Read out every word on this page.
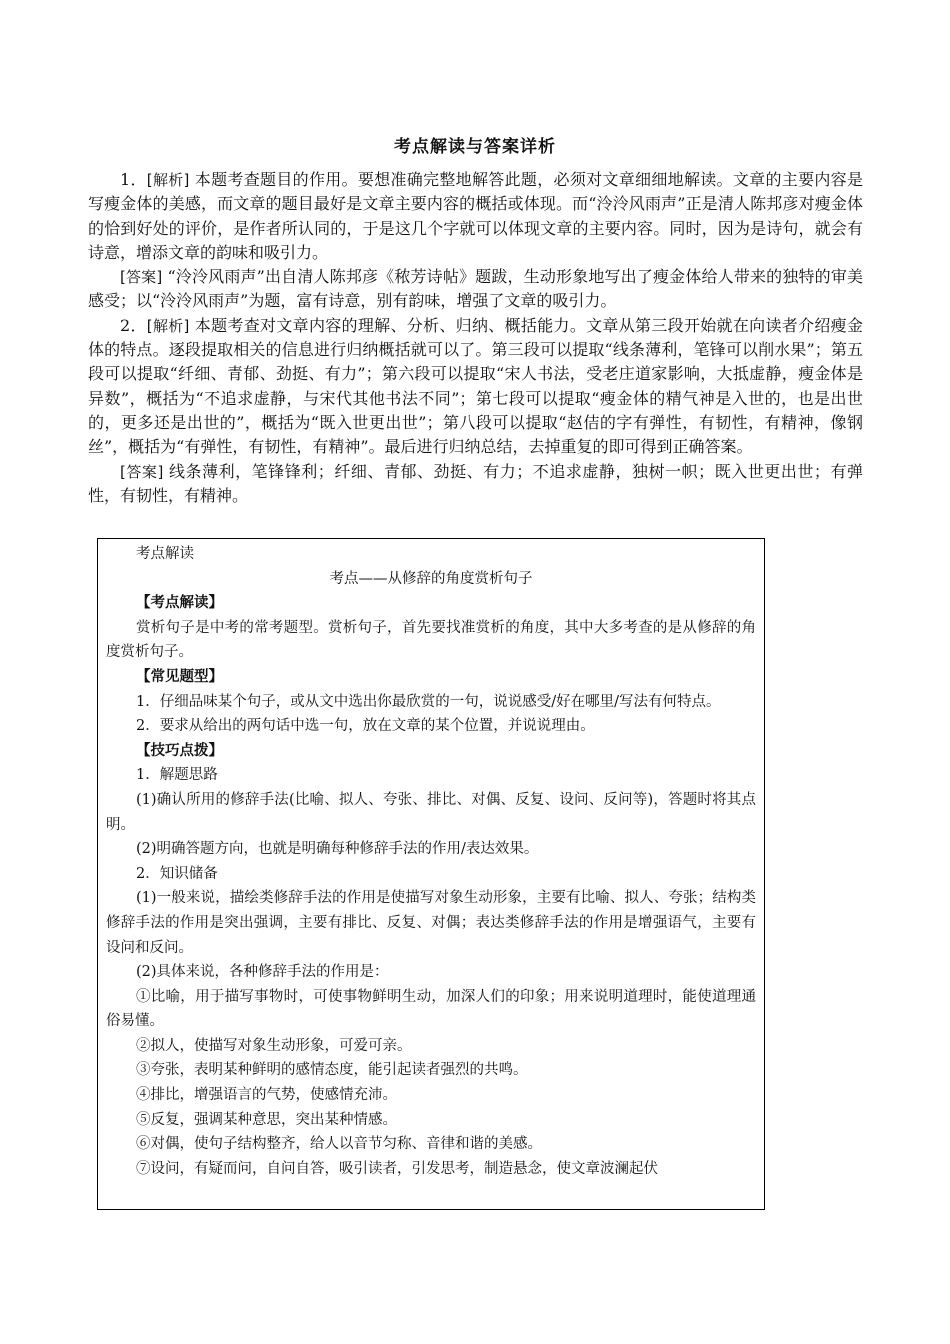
考点解读与答案详析

1．[解析] 本题考查题目的作用。要想准确完整地解答此题，必须对文章细细地解读。文章的主要内容是写瘦金体的美感，而文章的题目最好是文章主要内容的概括或体现。而“泠泠风雨声”正是清人陈邦彦对瘦金体的恰到好处的评价，是作者所认同的，于是这几个字就可以体现文章的主要内容。同时，因为是诗句，就会有诗意，增添文章的韵味和吸引力。

[答案] “泠泠风雨声”出自清人陈邦彦《秾芳诗帖》题跋，生动形象地写出了瘦金体给人带来的独特的审美感受；以“泠泠风雨声”为题，富有诗意，别有韵味，增强了文章的吸引力。

2．[解析] 本题考查对文章内容的理解、分析、归纳、概括能力。文章从第三段开始就在向读者介绍瘦金体的特点。逐段提取相关的信息进行归纳概括就可以了。第三段可以提取“线条薄利，笔锋可以削水果”；第五段可以提取“纤细、青郁、劲挺、有力”；第六段可以提取“宋人书法，受老庄道家影响，大抵虚静，瘦金体是异数”，概括为“不追求虚静，与宋代其他书法不同”；第七段可以提取“瘦金体的精气神是入世的，也是出世的，更多还是出世的”，概括为“既入世更出世”；第八段可以提取“赵佶的字有弹性，有韧性，有精神，像钢丝”，概括为“有弹性，有韧性，有精神”。最后进行归纳总结，去掉重复的即可得到正确答案。

[答案] 线条薄利，笔锋锋利；纤细、青郁、劲挺、有力；不追求虚静，独树一帜；既入世更出世；有弹性，有韧性，有精神。

考点解读

考点——从修辞的角度赏析句子

【考点解读】

赏析句子是中考的常考题型。赏析句子，首先要找准赏析的角度，其中大多考查的是从修辞的角度赏析句子。

【常见题型】

1．仔细品味某个句子，或从文中选出你最欣赏的一句，说说感受/好在哪里/写法有何特点。

2．要求从给出的两句话中选一句，放在文章的某个位置，并说说理由。

【技巧点拨】

1．解题思路

(1)确认所用的修辞手法(比喻、拟人、夸张、排比、对偶、反复、设问、反问等)，答题时将其点明。

(2)明确答题方向，也就是明确每种修辞手法的作用/表达效果。

2．知识储备

(1)一般来说，描绘类修辞手法的作用是使描写对象生动形象，主要有比喻、拟人、夸张；结构类修辞手法的作用是突出强调，主要有排比、反复、对偶；表达类修辞手法的作用是增强语气，主要有设问和反问。

(2)具体来说，各种修辞手法的作用是：

①比喻，用于描写事物时，可使事物鲜明生动，加深人们的印象；用来说明道理时，能使道理通俗易懂。

②拟人，使描写对象生动形象，可爱可亲。

③夸张，表明某种鲜明的感情态度，能引起读者强烈的共鸣。

④排比，增强语言的气势，使感情充沛。

⑤反复，强调某种意思，突出某种情感。

⑥对偶，使句子结构整齐，给人以音节匀称、音律和谐的美感。

⑦设问，有疑而问，自问自答，吸引读者，引发思考，制造悬念，使文章波澜起伏
